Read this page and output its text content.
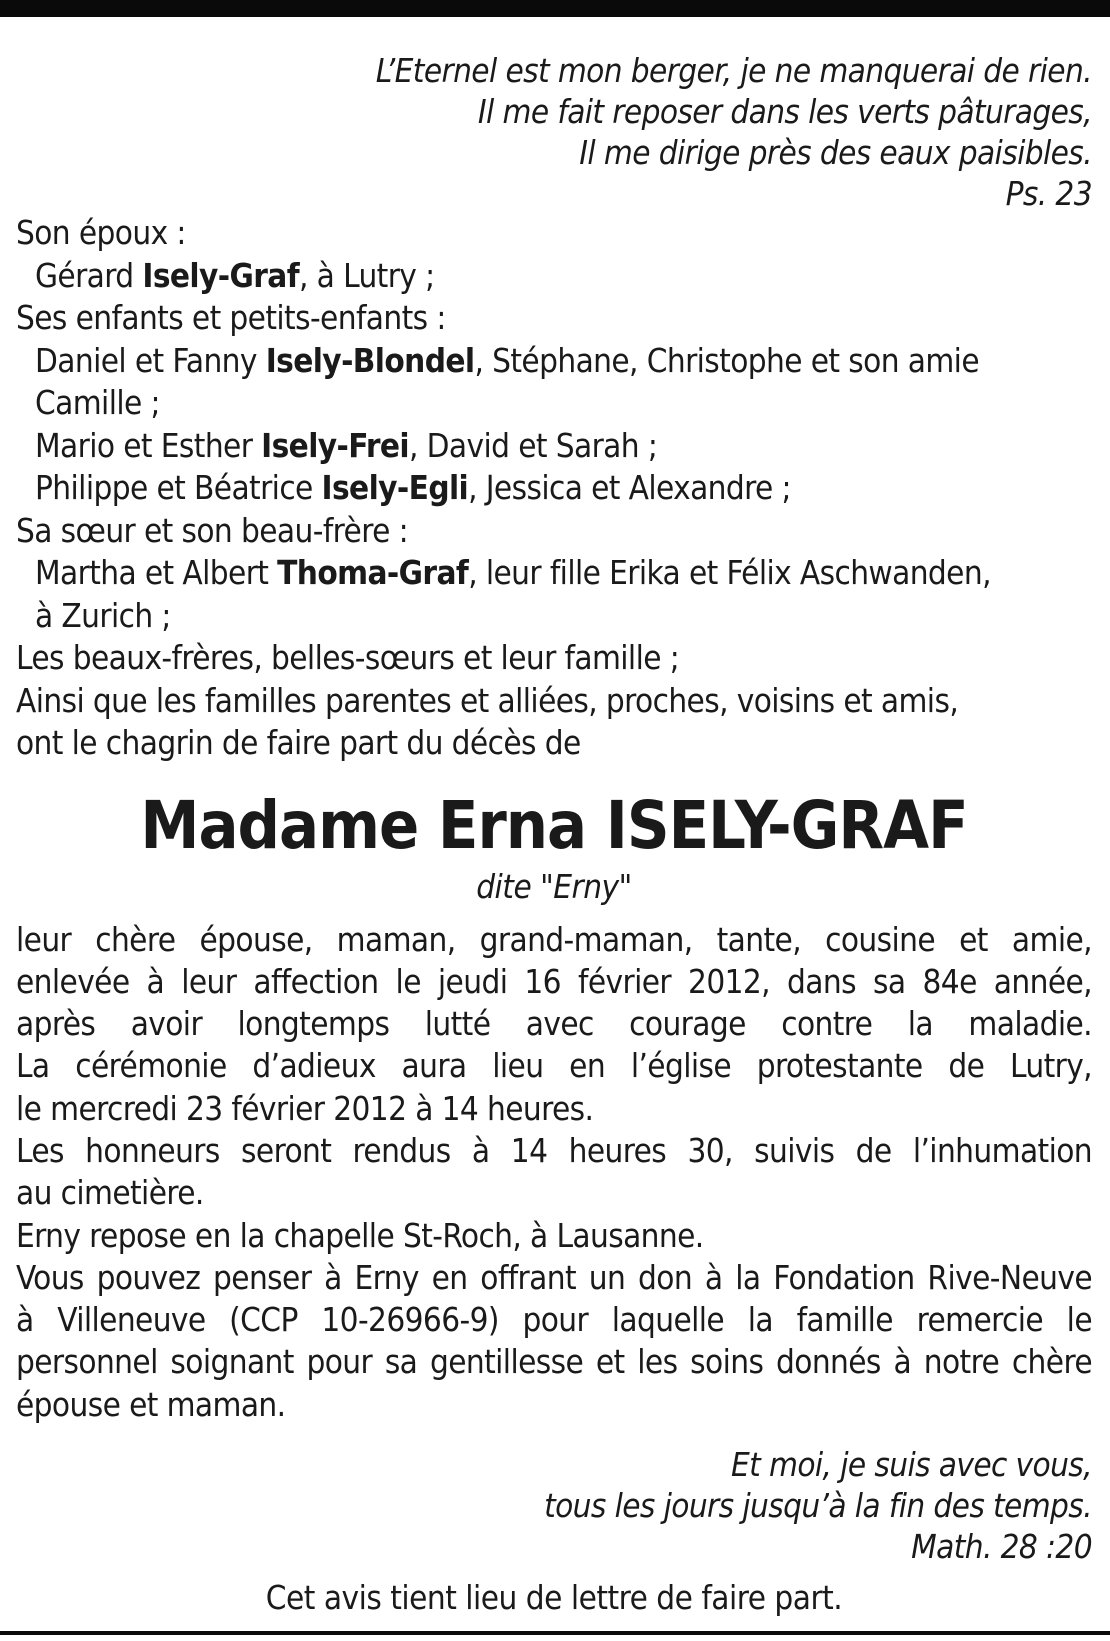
L’Eternel est mon berger, je ne manquerai de rien.
Il me fait reposer dans les verts pâturages,
Il me dirige près des eaux paisibles.
Ps. 23
Son époux :
Gérard Isely-Graf, à Lutry ;
Ses enfants et petits-enfants :
Daniel et Fanny Isely-Blondel, Stéphane, Christophe et son amie
Camille ;
Mario et Esther Isely-Frei, David et Sarah ;
Philippe et Béatrice Isely-Egli, Jessica et Alexandre ;
Sa sœur et son beau-frère :
Martha et Albert Thoma-Graf, leur fille Erika et Félix Aschwanden,
à Zurich ;
Les beaux-frères, belles-sœurs et leur famille ;
Ainsi que les familles parentes et alliées, proches, voisins et amis,
ont le chagrin de faire part du décès de
Madame Erna ISELY-GRAF
dite "Erny"
leur chère épouse, maman, grand-maman, tante, cousine et amie,
enlevée à leur affection le jeudi 16 février 2012, dans sa 84e année,
après avoir longtemps lutté avec courage contre la maladie.
La cérémonie d’adieux aura lieu en l’église protestante de Lutry,
le mercredi 23 février 2012 à 14 heures.
Les honneurs seront rendus à 14 heures 30, suivis de l’inhumation
au cimetière.
Erny repose en la chapelle St-Roch, à Lausanne.
Vous pouvez penser à Erny en offrant un don à la Fondation Rive-Neuve
à Villeneuve (CCP 10-26966-9) pour laquelle la famille remercie le
personnel soignant pour sa gentillesse et les soins donnés à notre chère
épouse et maman.
Et moi, je suis avec vous,
tous les jours jusqu’à la fin des temps.
Math. 28 :20
Cet avis tient lieu de lettre de faire part.
